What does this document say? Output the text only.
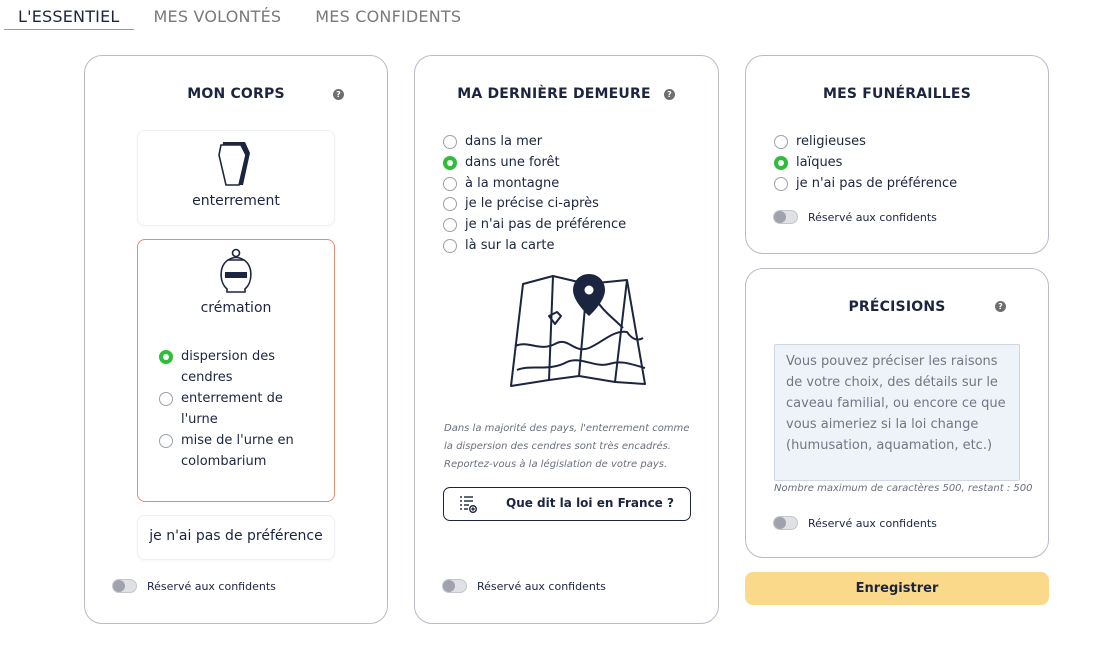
L'ESSENTIEL	MES VOLONTÉS	MES CONFIDENTS
MON CORPS	?
enterrement
crémation
dispersion des
cendres
enterrement de
l'urne
mise de l'urne en
colombarium
je n'ai pas de préférence
Réservé aux confidents
MA DERNIÈRE DEMEURE	?
dans la mer
dans une forêt
à la montagne
je le précise ci-après
je n'ai pas de préférence
là sur la carte
Dans la majorité des pays, l'enterrement comme
la dispersion des cendres sont très encadrés.
Reportez-vous à la législation de votre pays.
Que dit la loi en France ?
Réservé aux confidents
MES FUNÉRAILLES
religieuses
laïques
je n'ai pas de préférence
Réservé aux confidents
PRÉCISIONS	?
Vous pouvez préciser les raisons de votre choix, des détails sur le caveau familial, ou encore ce que vous aimeriez si la loi change (humusation, aquamation, etc.)
Nombre maximum de caractères 500, restant : 500
Réservé aux confidents
Enregistrer
